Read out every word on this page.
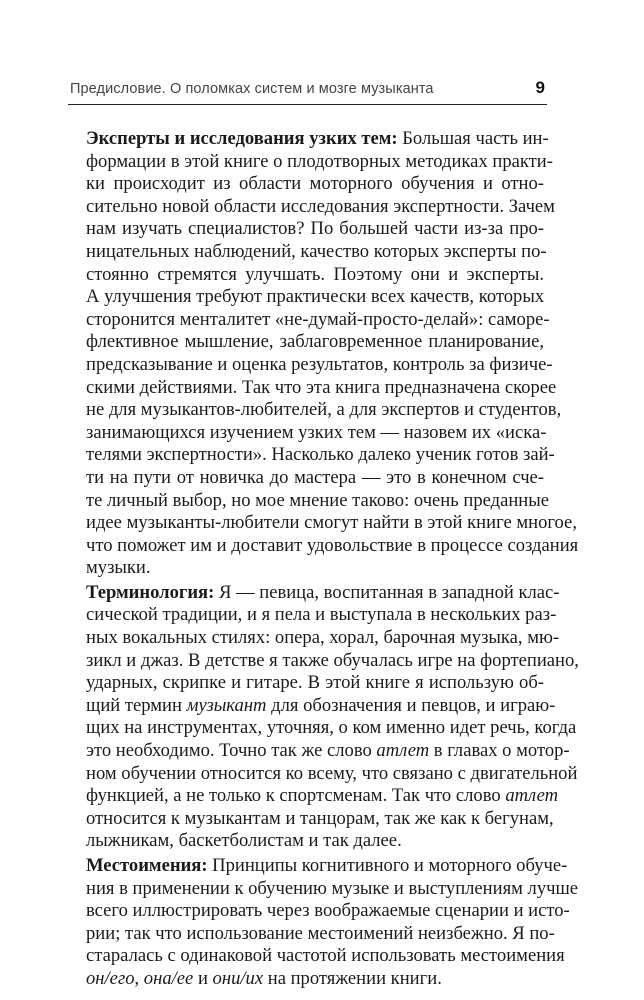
Предисловие. О поломках систем и мозге музыканта	9
Эксперты и исследования узких тем: Большая часть ин-
формации в этой книге о плодотворных методиках практи-
ки происходит из области моторного обучения и отно-
сительно новой области исследования экспертности. Зачем
нам изучать специалистов? По большей части из-за про-
ницательных наблюдений, качество которых эксперты по-
стоянно стремятся улучшать. Поэтому они и эксперты.
А улучшения требуют практически всех качеств, которых
сторонится менталитет «не-думай-просто-делай»: саморе-
флективное мышление, заблаговременное планирование,
предсказывание и оценка результатов, контроль за физиче-
скими действиями. Так что эта книга предназначена скорее
не для музыкантов-любителей, а для экспертов и студентов,
занимающихся изучением узких тем — назовем их «иска-
телями экспертности». Насколько далеко ученик готов зай-
ти на пути от новичка до мастера — это в конечном сче-
те личный выбор, но мое мнение таково: очень преданные
идее музыканты-любители смогут найти в этой книге многое,
что поможет им и доставит удовольствие в процессе создания
музыки.
Терминология: Я — певица, воспитанная в западной клас-
сической традиции, и я пела и выступала в нескольких раз-
ных вокальных стилях: опера, хорал, барочная музыка, мю-
зикл и джаз. В детстве я также обучалась игре на фортепиано,
ударных, скрипке и гитаре. В этой книге я использую об-
щий термин музыкант для обозначения и певцов, и играю-
щих на инструментах, уточняя, о ком именно идет речь, когда
это необходимо. Точно так же слово атлет в главах о мотор-
ном обучении относится ко всему, что связано с двигательной
функцией, а не только к спортсменам. Так что слово атлет
относится к музыкантам и танцорам, так же как к бегунам,
лыжникам, баскетболистам и так далее.
Местоимения: Принципы когнитивного и моторного обуче-
ния в применении к обучению музыке и выступлениям лучше
всего иллюстрировать через воображаемые сценарии и исто-
рии; так что использование местоимений неизбежно. Я по-
старалась с одинаковой частотой использовать местоимения
он/его, она/ее и они/их на протяжении книги.
